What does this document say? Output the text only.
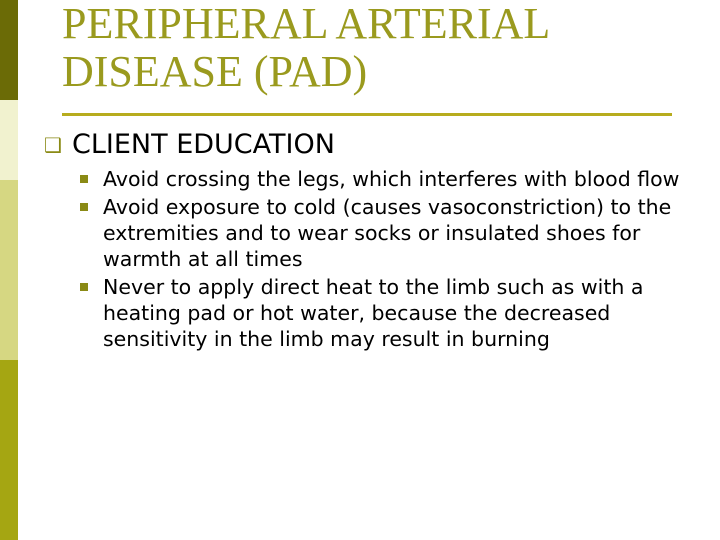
PERIPHERAL ARTERIAL
DISEASE (PAD)
❑ CLIENT EDUCATION
Avoid crossing the legs, which interferes with blood flow
Avoid exposure to cold (causes vasoconstriction) to the extremities and to wear socks or insulated shoes for warmth at all times
Never to apply direct heat to the limb such as with a heating pad or hot water, because the decreased sensitivity in the limb may result in burning
